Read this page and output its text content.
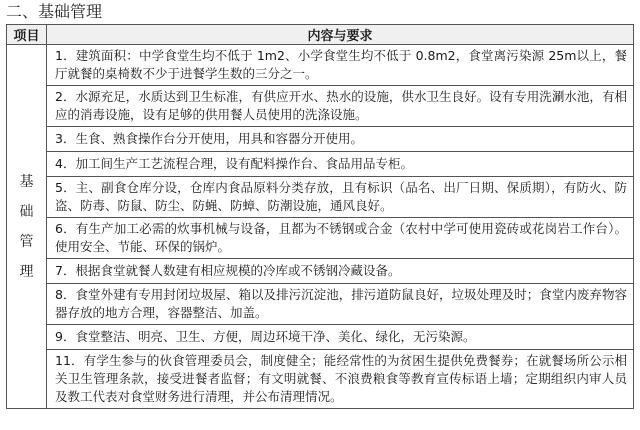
二、基础管理
项目	内容与要求

基
础
管
理	1．建筑面积：中学食堂生均不低于 1m2、小学食堂生均不低于 0.8m2，食堂离污染源 25m以上，餐厅就餐的桌椅数不少于进餐学生数的三分之一。
	2．水源充足，水质达到卫生标准，有供应开水、热水的设施，供水卫生良好。设有专用洗涮水池，有相应的消毒设施，设有足够的供用餐人员使用的洗涤设施。
	3．生食、熟食操作台分开使用，用具和容器分开使用。
	4．加工间生产工艺流程合理，设有配料操作台、食品用品专柜。
	5．主、副食仓库分设，仓库内食品原料分类存放，且有标识（品名、出厂日期、保质期），有防火、防盗、防毒、防鼠、防尘、防蝇、防蟑、防潮设施，通风良好。
	6．有生产加工必需的炊事机械与设备，且都为不锈钢或合金（农村中学可使用瓷砖或花岗岩工作台）。使用安全、节能、环保的锅炉。
	7．根据食堂就餐人数建有相应规模的冷库或不锈钢冷藏设备。
	8．食堂外建有专用封闭垃圾屋、箱以及排污沉淀池，排污道防鼠良好，垃圾处理及时；食堂内废弃物容器存放的地方合理，容器整洁、加盖。
	9．食堂整洁、明亮、卫生、方便，周边环境干净、美化、绿化，无污染源。
	11．有学生参与的伙食管理委员会，制度健全；能经常性的为贫困生提供免费餐券；在就餐场所公示相关卫生管理条款，接受进餐者监督；有文明就餐、不浪费粮食等教育宣传标语上墙；定期组织内审人员及教工代表对食堂财务进行清理，并公布清理情况。
